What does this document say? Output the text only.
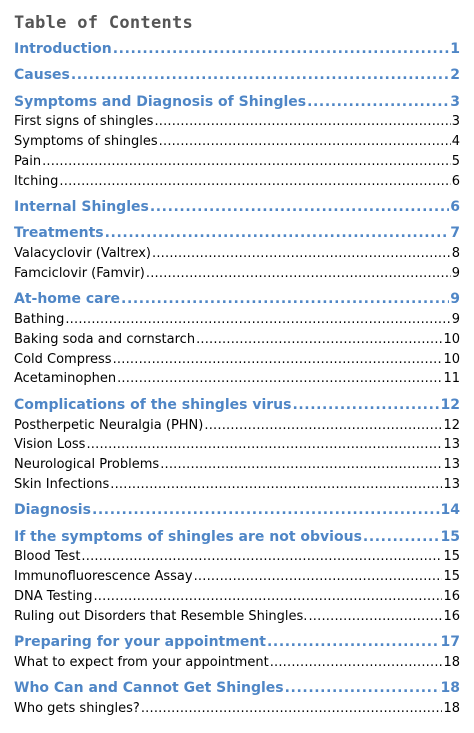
Table of Contents
Introduction .....	1
Causes .....	2
Symptoms and Diagnosis of Shingles .....	3
First signs of shingles .....	3
Symptoms of shingles .....	4
Pain .....	5
Itching .....	6
Internal Shingles .....	6
Treatments .....	7
Valacyclovir (Valtrex) .....	8
Famciclovir (Famvir) .....	9
At-home care .....	9
Bathing .....	9
Baking soda and cornstarch .....	10
Cold Compress .....	10
Acetaminophen .....	11
Complications of the shingles virus .....	12
Postherpetic Neuralgia (PHN) .....	12
Vision Loss .....	13
Neurological Problems .....	13
Skin Infections .....	13
Diagnosis .....	14
If the symptoms of shingles are not obvious .....	15
Blood Test .....	15
Immunofluorescence Assay .....	15
DNA Testing .....	16
Ruling out Disorders that Resemble Shingles. .....	16
Preparing for your appointment .....	17
What to expect from your appointment .....	18
Who Can and Cannot Get Shingles .....	18
Who gets shingles? .....	18
